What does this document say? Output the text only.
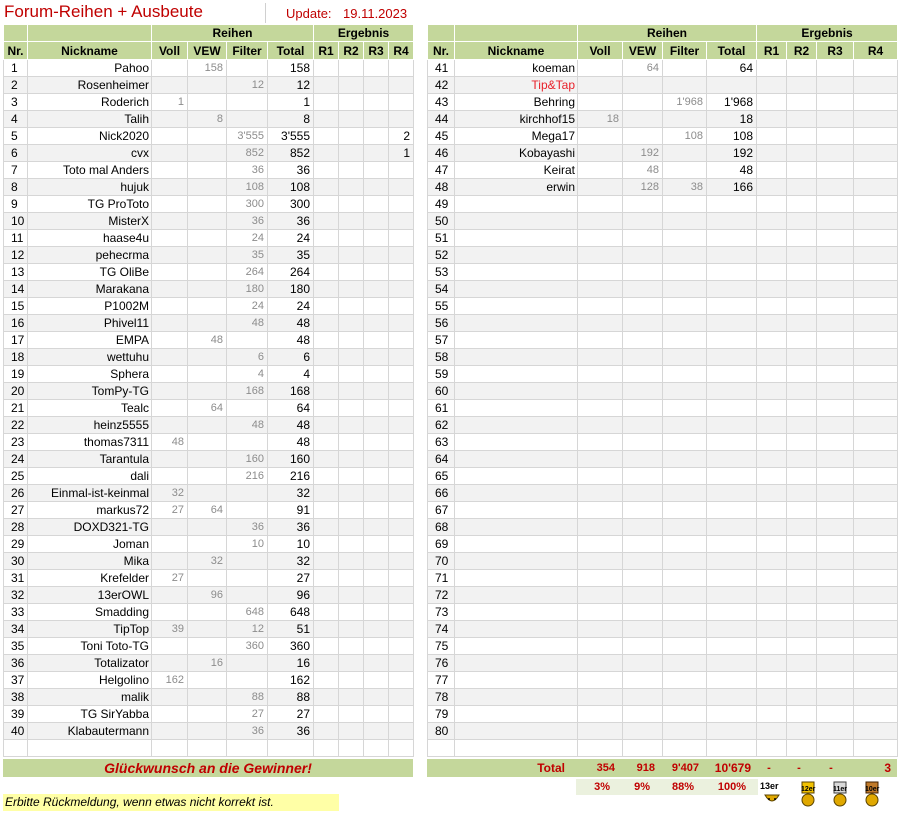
Forum-Reihen + Ausbeute	Update: 19.11.2023
		Reihen				Ergebnis			
Nr.	Nickname	Voll	VEW	Filter	Total	R1	R2	R3	R4
1	Pahoo		158		158				
2	Rosenheimer			12	12				
3	Roderich	1			1				
4	Talih		8		8				
5	Nick2020			3'555	3'555				2
6	cvx			852	852				1
7	Toto mal Anders			36	36				
8	hujuk			108	108				
9	TG ProToto			300	300				
10	MisterX			36	36				
11	haase4u			24	24				
12	pehecrma			35	35				
13	TG OliBe			264	264				
14	Marakana			180	180				
15	P1002M			24	24				
16	Phivel11			48	48				
17	EMPA		48		48				
18	wettuhu			6	6				
19	Sphera			4	4				
20	TomPy-TG			168	168				
21	Tealc		64		64				
22	heinz5555			48	48				
23	thomas7311	48			48				
24	Tarantula			160	160				
25	dali			216	216				
26	Einmal-ist-keinmal	32			32				
27	markus72	27	64		91				
28	DOXD321-TG			36	36				
29	Joman			10	10				
30	Mika		32		32				
31	Krefelder	27			27				
32	13erOWL		96		96				
33	Smadding			648	648				
34	TipTop	39		12	51				
35	Toni Toto-TG			360	360				
36	Totalizator		16		16				
37	Helgolino	162			162				
38	malik			88	88				
39	TG SirYabba			27	27				
40	Klabautermann			36	36				

		Reihen				Ergebnis			
Nr.	Nickname	Voll	VEW	Filter	Total	R1	R2	R3	R4
41	koeman		64		64				
42	Tip&Tap								
43	Behring			1'968	1'968				
44	kirchhof15	18			18				
45	Mega17			108	108				
46	Kobayashi		192		192				
47	Keirat		48		48				
48	erwin		128	38	166				
49									
50									
51									
52									
53									
54									
55									
56									
57									
58									
59									
60									
61									
62									
63									
64									
65									
66									
67									
68									
69									
70									
71									
72									
73									
74									
75									
76									
77									
78									
79									
80									

Glückwunsch an die Gewinner!	Total	354	918	9'407	10'679	-	-	-	3
3%	9%	88%	100%
Erbitte Rückmeldung, wenn etwas nicht korrekt ist.
13er	12er	11er	10er
